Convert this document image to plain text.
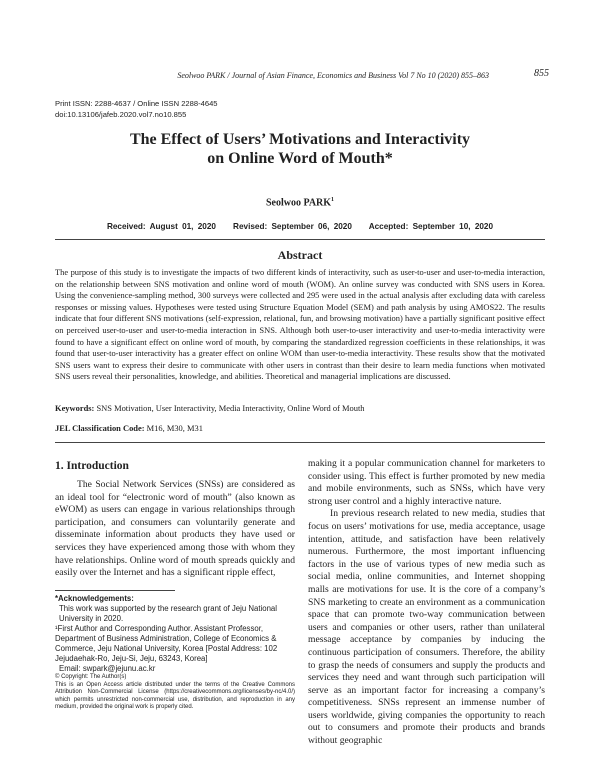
Seolwoo PARK / Journal of Asian Finance, Economics and Business Vol 7 No 10 (2020) 855–863	855
Print ISSN: 2288-4637 / Online ISSN 2288-4645
doi:10.13106/jafeb.2020.vol7.no10.855
The Effect of Users’ Motivations and Interactivity
on Online Word of Mouth*
Seolwoo PARK$^1$
Received: August 01, 2020    Revised: September 06, 2020    Accepted: September 10, 2020
Abstract
The purpose of this study is to investigate the impacts of two different kinds of interactivity, such as user-to-user and user-to-media interaction, on the relationship between SNS motivation and online word of mouth (WOM). An online survey was conducted with SNS users in Korea. Using the convenience-sampling method, 300 surveys were collected and 295 were used in the actual analysis after excluding data with careless responses or missing values. Hypotheses were tested using Structure Equation Model (SEM) and path analysis by using AMOS22. The results indicate that four different SNS motivations (self-expression, relational, fun, and browsing motivation) have a partially significant positive effect on perceived user-to-user and user-to-media interaction in SNS. Although both user-to-user interactivity and user-to-media interactivity were found to have a significant effect on online word of mouth, by comparing the standardized regression coefficients in these relationships, it was found that user-to-user interactivity has a greater effect on online WOM than user-to-media interactivity. These results show that the motivated SNS users want to express their desire to communicate with other users in contrast than their desire to learn media functions when motivated SNS users reveal their personalities, knowledge, and abilities. Theoretical and managerial implications are discussed.
Keywords: SNS Motivation, User Interactivity, Media Interactivity, Online Word of Mouth
JEL Classification Code: M16, M30, M31
1. Introduction

The Social Network Services (SNSs) are considered as an ideal tool for “electronic word of mouth” (also known as eWOM) as users can engage in various relationships through participation, and consumers can voluntarily generate and disseminate information about products they have used or services they have experienced among those with whom they have relationships. Online word of mouth spreads quickly and easily over the Internet and has a significant ripple effect,

*Acknowledgements:
This work was supported by the research grant of Jeju National University in 2020.
¹First Author and Corresponding Author. Assistant Professor, Department of Business Administration, College of Economics & Commerce, Jeju National University, Korea [Postal Address: 102 Jejudaehak-Ro, Jeju-Si, Jeju, 63243, Korea]
Email: swpark@jejunu.ac.kr
© Copyright: The Author(s)
This is an Open Access article distributed under the terms of the Creative Commons Attribution Non-Commercial License (https://creativecommons.org/licenses/by-nc/4.0/) which permits unrestricted non-commercial use, distribution, and reproduction in any medium, provided the original work is properly cited.

making it a popular communication channel for marketers to consider using. This effect is further promoted by new media and mobile environments, such as SNSs, which have very strong user control and a highly interactive nature.

In previous research related to new media, studies that focus on users’ motivations for use, media acceptance, usage intention, attitude, and satisfaction have been relatively numerous. Furthermore, the most important influencing factors in the use of various types of new media such as social media, online communities, and Internet shopping malls are motivations for use. It is the core of a company’s SNS marketing to create an environment as a communication space that can promote two-way communication between users and companies or other users, rather than unilateral message acceptance by companies by inducing the continuous participation of consumers. Therefore, the ability to grasp the needs of consumers and supply the products and services they need and want through such participation will serve as an important factor for increasing a company’s competitiveness. SNSs represent an immense number of users worldwide, giving companies the opportunity to reach out to consumers and promote their products and brands without geographic
